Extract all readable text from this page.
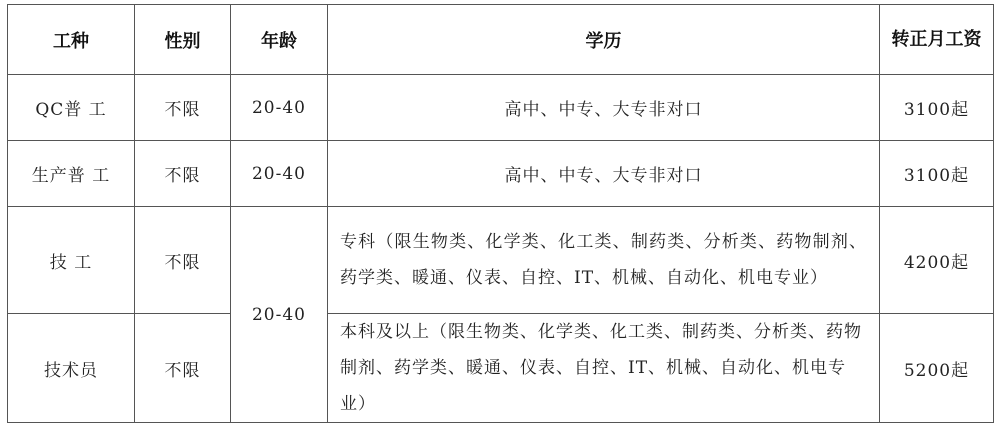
工种	性别	年龄	学历	转正月工资
QC普 工	不限	20-40	高中、中专、大专非对口	3100起
生产普 工	不限	20-40	高中、中专、大专非对口	3100起
技 工	不限	20-40	专科（限生物类、化学类、化工类、制药类、分析类、药物制剂、药学类、暖通、仪表、自控、IT、机械、自动化、机电专业）	4200起
技术员	不限		本科及以上（限生物类、化学类、化工类、制药类、分析类、药物制剂、药学类、暖通、仪表、自控、IT、机械、自动化、机电专业）	5200起
